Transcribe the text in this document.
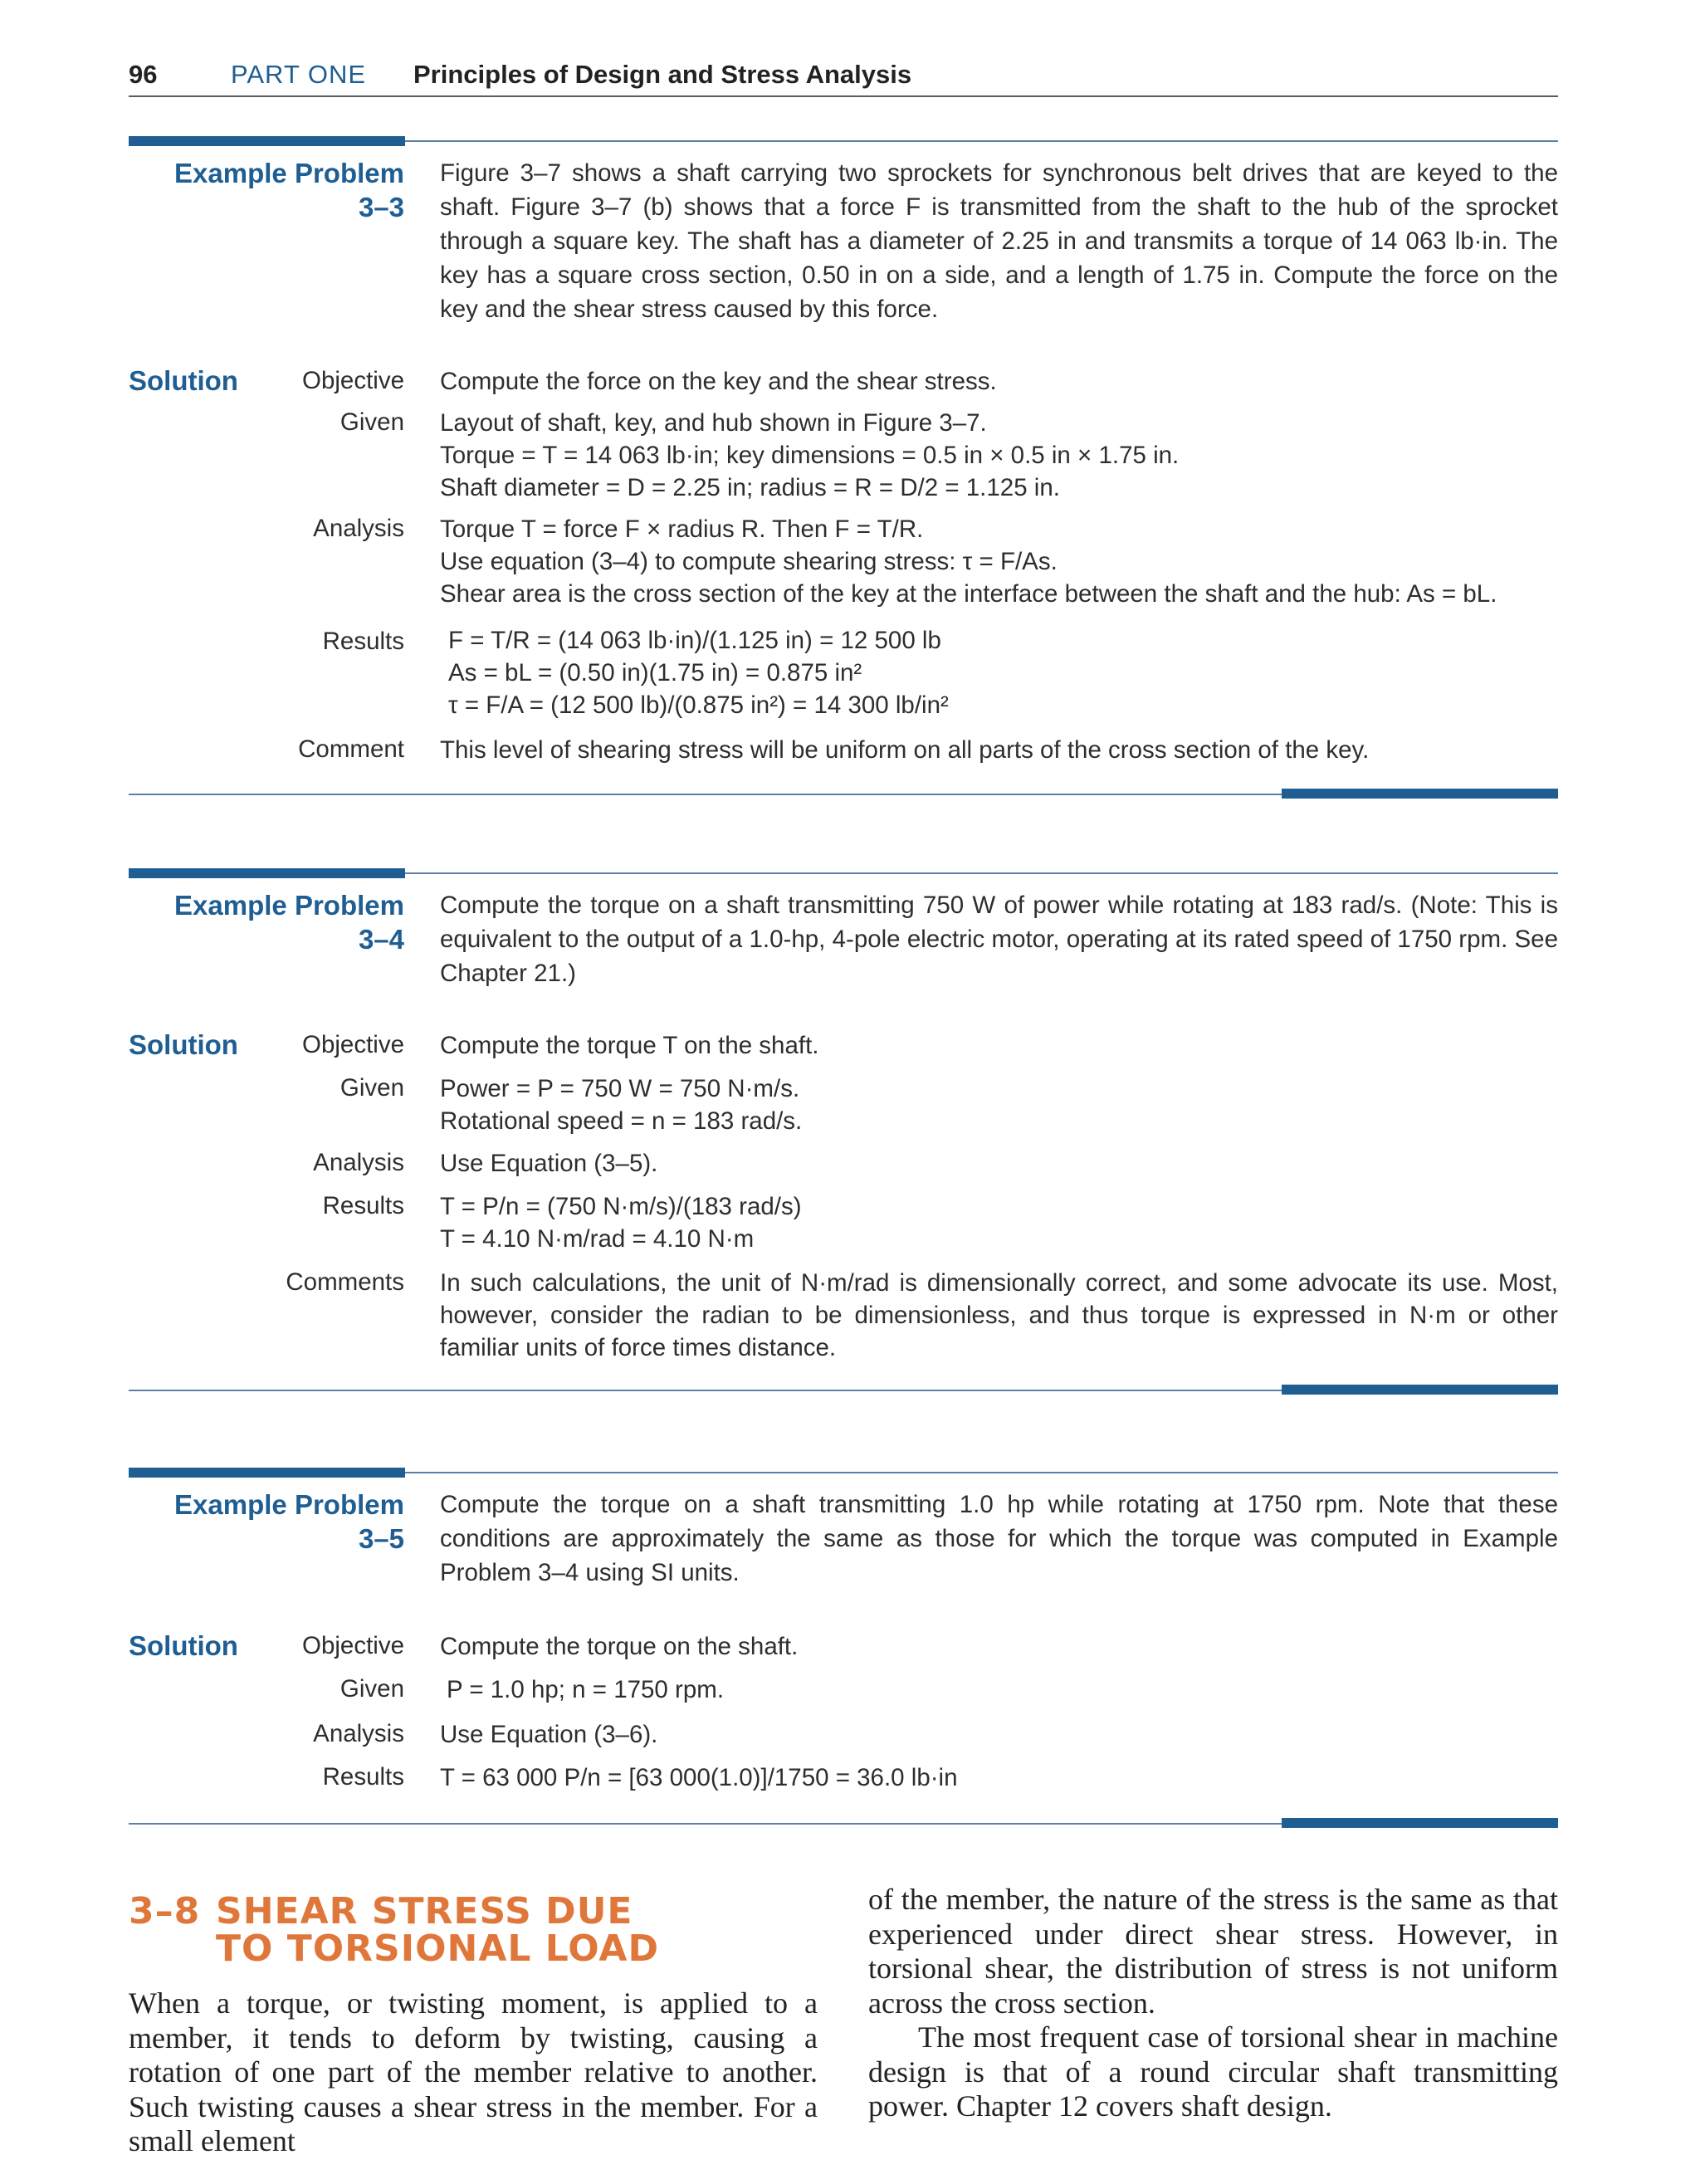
96	PART ONE Principles of Design and Stress Analysis
Example Problem
3–3
Figure 3–7 shows a shaft carrying two sprockets for synchronous belt drives that are keyed to the shaft. Figure 3–7 (b) shows that a force F is transmitted from the shaft to the hub of the sprocket through a square key. The shaft has a diameter of 2.25 in and transmits a torque of 14 063 lb·in. The key has a square cross section, 0.50 in on a side, and a length of 1.75 in. Compute the force on the key and the shear stress caused by this force.
Solution	Objective Compute the force on the key and the shear stress.
Given Layout of shaft, key, and hub shown in Figure 3–7.
Torque = T = 14 063 lb·in; key dimensions = 0.5 in × 0.5 in × 1.75 in.
Shaft diameter = D = 2.25 in; radius = R = D/2 = 1.125 in.
Analysis Torque T = force F × radius R. Then F = T/R.
Use equation (3–4) to compute shearing stress: τ = F/As.
Shear area is the cross section of the key at the interface between the shaft and the hub: As = bL.
Results F = T/R = (14 063 lb·in)/(1.125 in) = 12 500 lb
As = bL = (0.50 in)(1.75 in) = 0.875 in²
τ = F/A = (12 500 lb)/(0.875 in²) = 14 300 lb/in²
Comment This level of shearing stress will be uniform on all parts of the cross section of the key.
Example Problem
3–4
Compute the torque on a shaft transmitting 750 W of power while rotating at 183 rad/s. (Note: This is equivalent to the output of a 1.0-hp, 4-pole electric motor, operating at its rated speed of 1750 rpm. See Chapter 21.)
Solution	Objective Compute the torque T on the shaft.
Given Power = P = 750 W = 750 N·m/s.
Rotational speed = n = 183 rad/s.
Analysis Use Equation (3–5).
Results T = P/n = (750 N·m/s)/(183 rad/s)
T = 4.10 N·m/rad = 4.10 N·m
Comments In such calculations, the unit of N·m/rad is dimensionally correct, and some advocate its use. Most, however, consider the radian to be dimensionless, and thus torque is expressed in N·m or other familiar units of force times distance.
Example Problem
3–5
Compute the torque on a shaft transmitting 1.0 hp while rotating at 1750 rpm. Note that these conditions are approximately the same as those for which the torque was computed in Example Problem 3–4 using SI units.
Solution	Objective Compute the torque on the shaft.
Given P = 1.0 hp; n = 1750 rpm.
Analysis Use Equation (3–6).
Results T = 63 000 P/n = [63 000(1.0)]/1750 = 36.0 lb·in
3–8 SHEAR STRESS DUE
TO TORSIONAL LOAD
When a torque, or twisting moment, is applied to a member, it tends to deform by twisting, causing a rotation of one part of the member relative to another. Such twisting causes a shear stress in the member. For a small element
of the member, the nature of the stress is the same as that experienced under direct shear stress. However, in torsional shear, the distribution of stress is not uniform across the cross section.
The most frequent case of torsional shear in machine design is that of a round circular shaft transmitting power. Chapter 12 covers shaft design.
